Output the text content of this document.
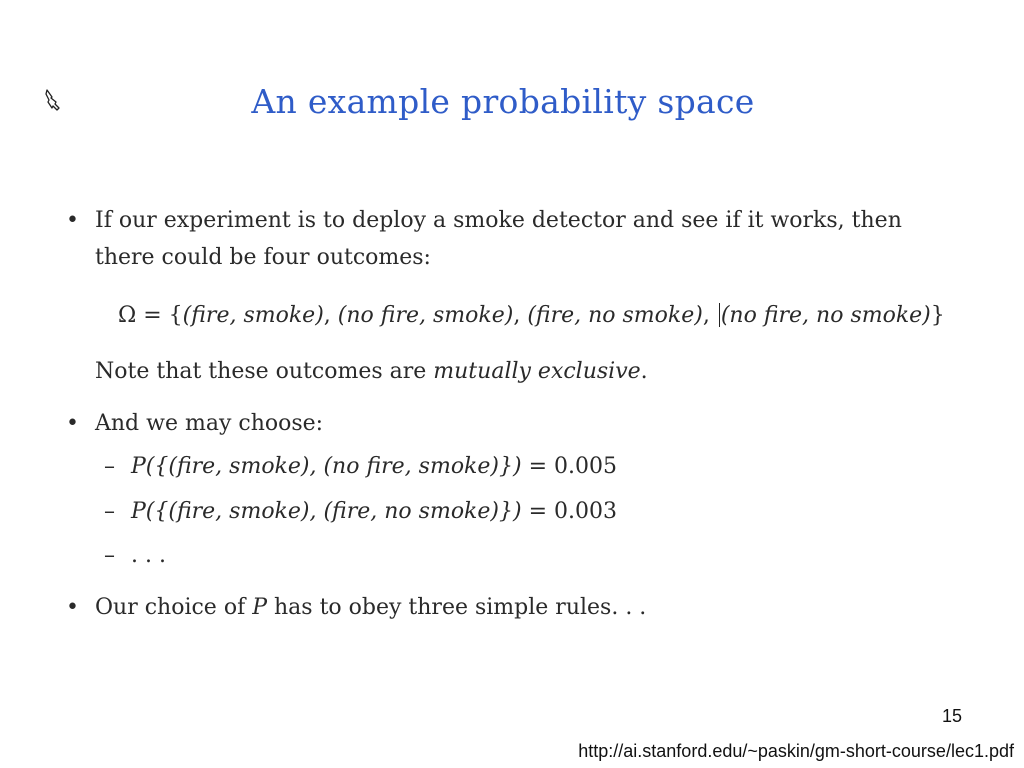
An example probability space
• If our experiment is to deploy a smoke detector and see if it works, then
there could be four outcomes:
Ω = {(fire, smoke), (no fire, smoke), (fire, no smoke), (no fire, no smoke)}
Note that these outcomes are mutually exclusive.
• And we may choose:
– P({(fire, smoke), (no fire, smoke)}) = 0.005
– P({(fire, smoke), (fire, no smoke)}) = 0.003
– . . .
• Our choice of P has to obey three simple rules. . .
15
http://ai.stanford.edu/~paskin/gm-short-course/lec1.pdf
